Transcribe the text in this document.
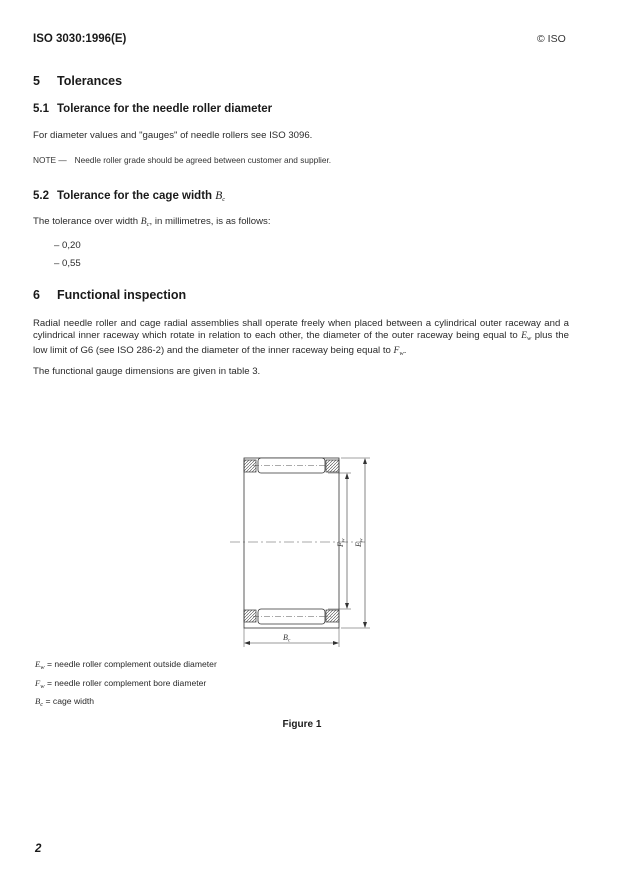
ISO 3030:1996(E)	© ISO
5 Tolerances
5.1 Tolerance for the needle roller diameter
For diameter values and "gauges" of needle rollers see ISO 3096.
NOTE — Needle roller grade should be agreed between customer and supplier.
5.2 Tolerance for the cage width $B_c$
The tolerance over width $B_c$, in millimetres, is as follows:
– 0,20
– 0,55
6 Functional inspection
Radial needle roller and cage radial assemblies shall operate freely when placed between a cylindrical outer raceway and a cylindrical inner raceway which rotate in relation to each other, the diameter of the outer raceway being equal to $E_w$ plus the low limit of G6 (see ISO 286-2) and the diameter of the inner raceway being equal to $F_w$.
The functional gauge dimensions are given in table 3.
Bc
Fw
Ew
$E_w$ = needle roller complement outside diameter
$F_w$ = needle roller complement bore diameter
$B_c$ = cage width
Figure 1
2
